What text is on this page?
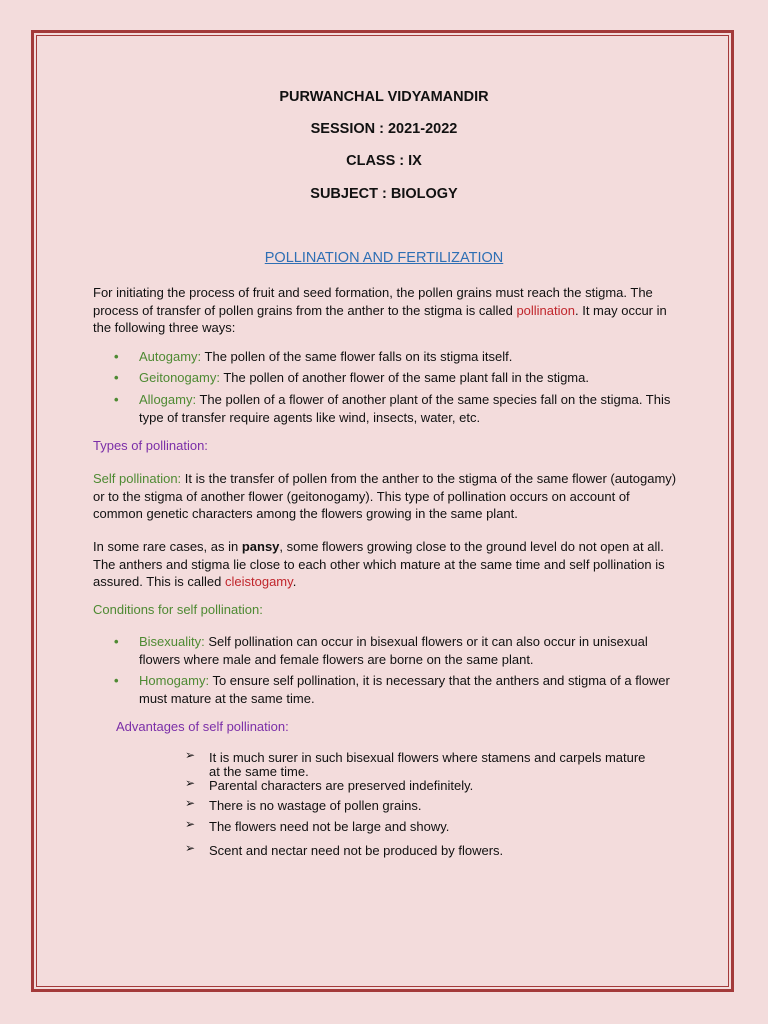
PURWANCHAL VIDYAMANDIR
SESSION : 2021-2022
CLASS : IX
SUBJECT : BIOLOGY
POLLINATION AND FERTILIZATION
For initiating the process of fruit and seed formation, the pollen grains must reach the stigma. The process of transfer of pollen grains from the anther to the stigma is called pollination. It may occur in the following three ways:
• Autogamy: The pollen of the same flower falls on its stigma itself.
• Geitonogamy: The pollen of another flower of the same plant fall in the stigma.
• Allogamy: The pollen of a flower of another plant of the same species fall on the stigma. This type of transfer require agents like wind, insects, water, etc.
Types of pollination:
Self pollination: It is the transfer of pollen from the anther to the stigma of the same flower (autogamy) or to the stigma of another flower (geitonogamy). This type of pollination occurs on account of common genetic characters among the flowers growing in the same plant.
In some rare cases, as in pansy, some flowers growing close to the ground level do not open at all. The anthers and stigma lie close to each other which mature at the same time and self pollination is assured. This is called cleistogamy.
Conditions for self pollination:
• Bisexuality: Self pollination can occur in bisexual flowers or it can also occur in unisexual flowers where male and female flowers are borne on the same plant.
• Homogamy: To ensure self pollination, it is necessary that the anthers and stigma of a flower must mature at the same time.
Advantages of self pollination:
➢ It is much surer in such bisexual flowers where stamens and carpels mature at the same time.
➢ Parental characters are preserved indefinitely.
➢ There is no wastage of pollen grains.
➢ The flowers need not be large and showy.
➢ Scent and nectar need not be produced by flowers.
